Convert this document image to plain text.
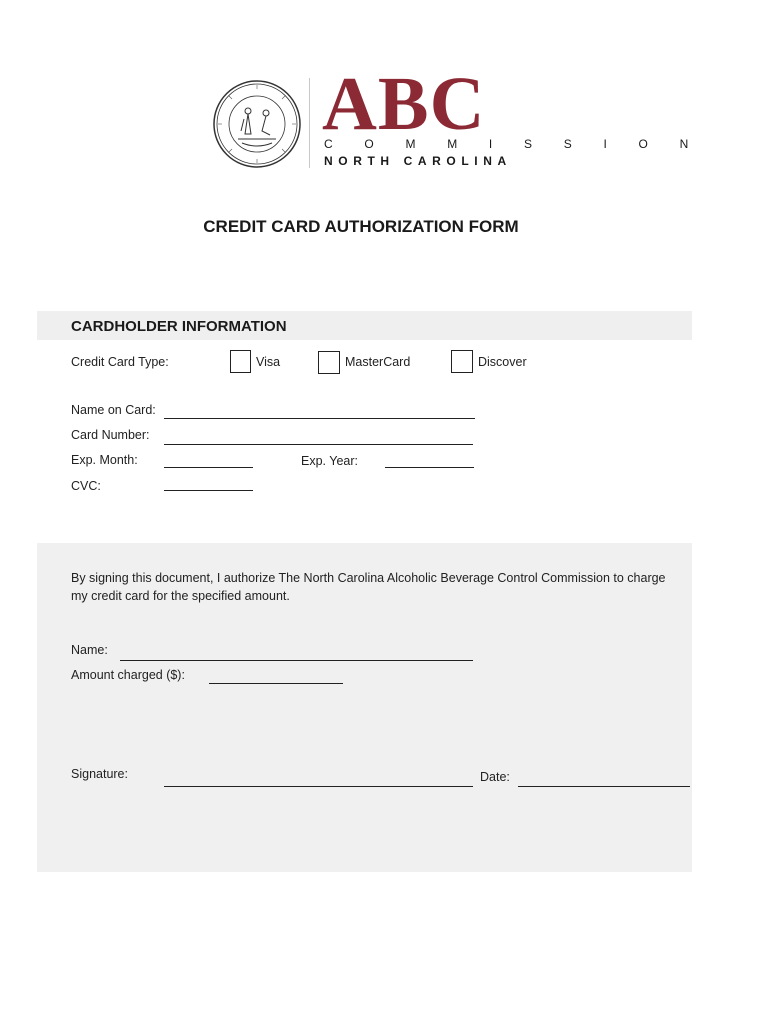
ABC
C O M M I S S I O N
NORTH CAROLINA
CREDIT CARD AUTHORIZATION FORM
CARDHOLDER INFORMATION
Credit Card Type:	Visa	MasterCard	Discover
Name on Card:
Card Number:
Exp. Month:	Exp. Year:
CVC:
By signing this document, I authorize The North Carolina Alcoholic Beverage Control Commission to charge my credit card for the specified amount.
Name:
Amount charged ($):
Signature:	Date:
